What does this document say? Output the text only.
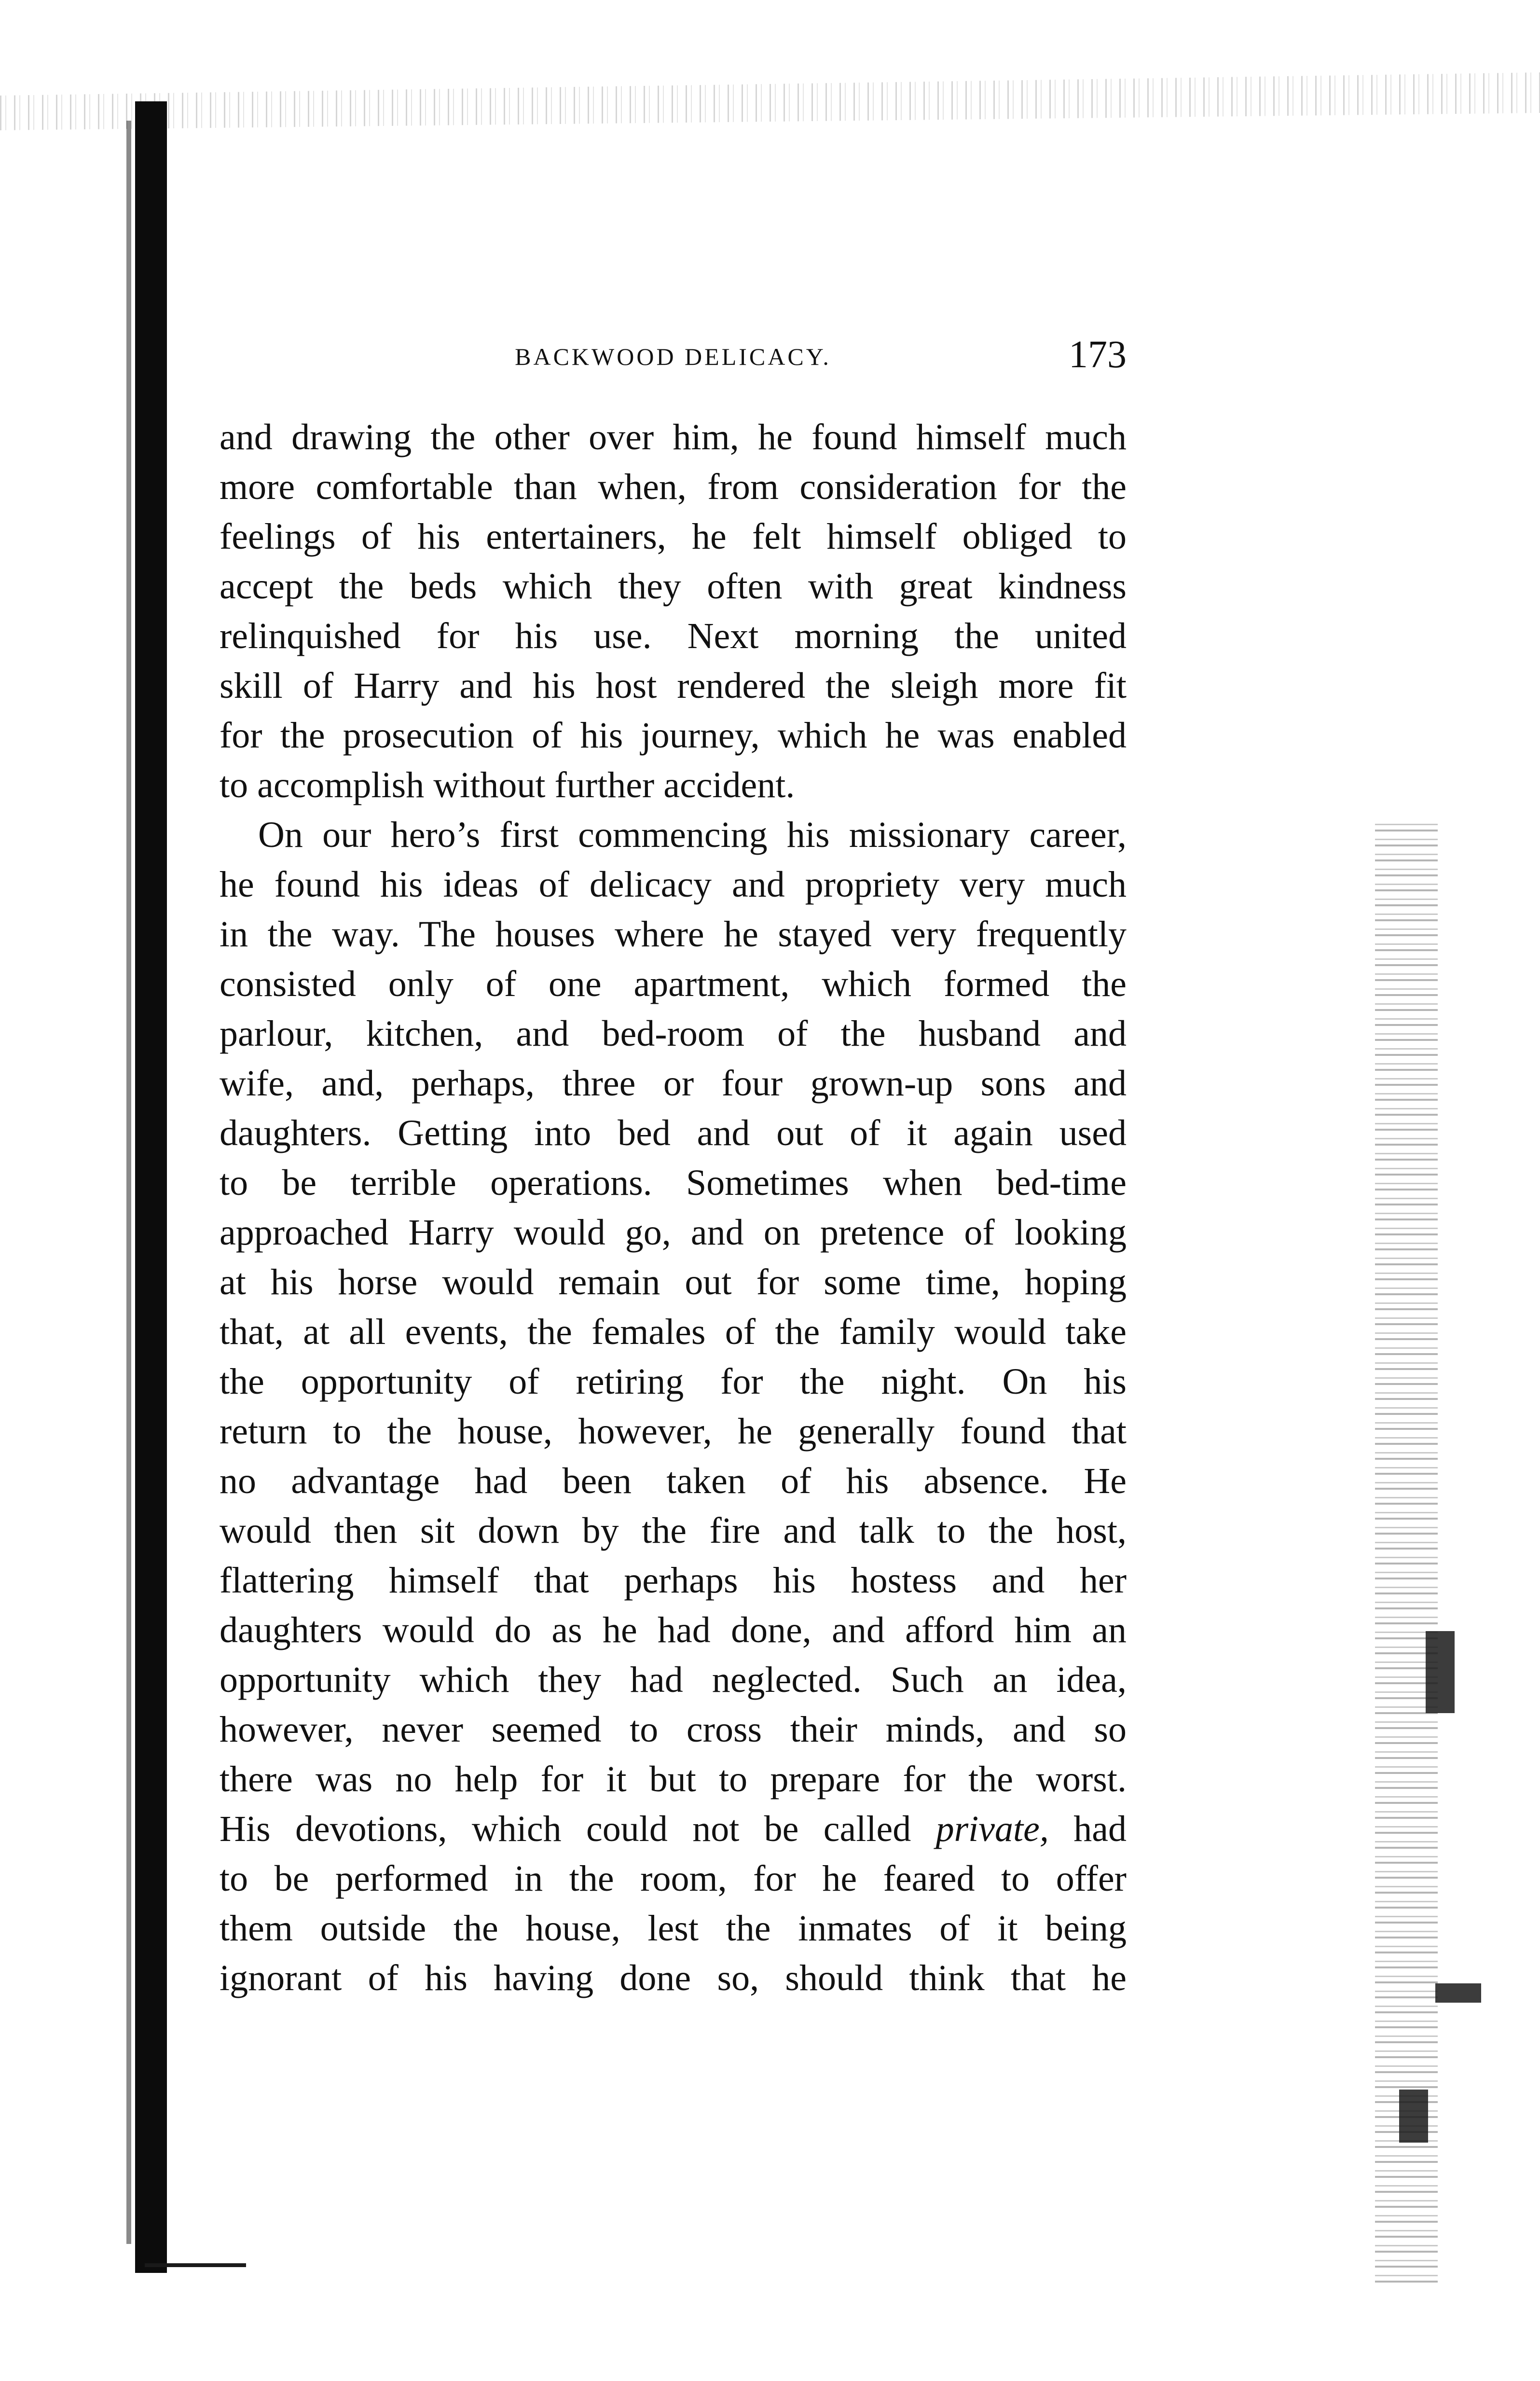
BACKWOOD DELICACY.	173
and drawing the other over him, he found himself much
more comfortable than when, from consideration for the
feelings of his entertainers, he felt himself obliged to
accept the beds which they often with great kindness
relinquished for his use. Next morning the united
skill of Harry and his host rendered the sleigh more fit
for the prosecution of his journey, which he was enabled
to accomplish without further accident.
On our hero’s first commencing his missionary career,
he found his ideas of delicacy and propriety very much
in the way. The houses where he stayed very frequently
consisted only of one apartment, which formed the
parlour, kitchen, and bed-room of the husband and
wife, and, perhaps, three or four grown-up sons and
daughters. Getting into bed and out of it again used
to be terrible operations. Sometimes when bed-time
approached Harry would go, and on pretence of looking
at his horse would remain out for some time, hoping
that, at all events, the females of the family would take
the opportunity of retiring for the night. On his
return to the house, however, he generally found that
no advantage had been taken of his absence. He
would then sit down by the fire and talk to the host,
flattering himself that perhaps his hostess and her
daughters would do as he had done, and afford him an
opportunity which they had neglected. Such an idea,
however, never seemed to cross their minds, and so
there was no help for it but to prepare for the worst.
His devotions, which could not be called private, had
to be performed in the room, for he feared to offer
them outside the house, lest the inmates of it being
ignorant of his having done so, should think that he
